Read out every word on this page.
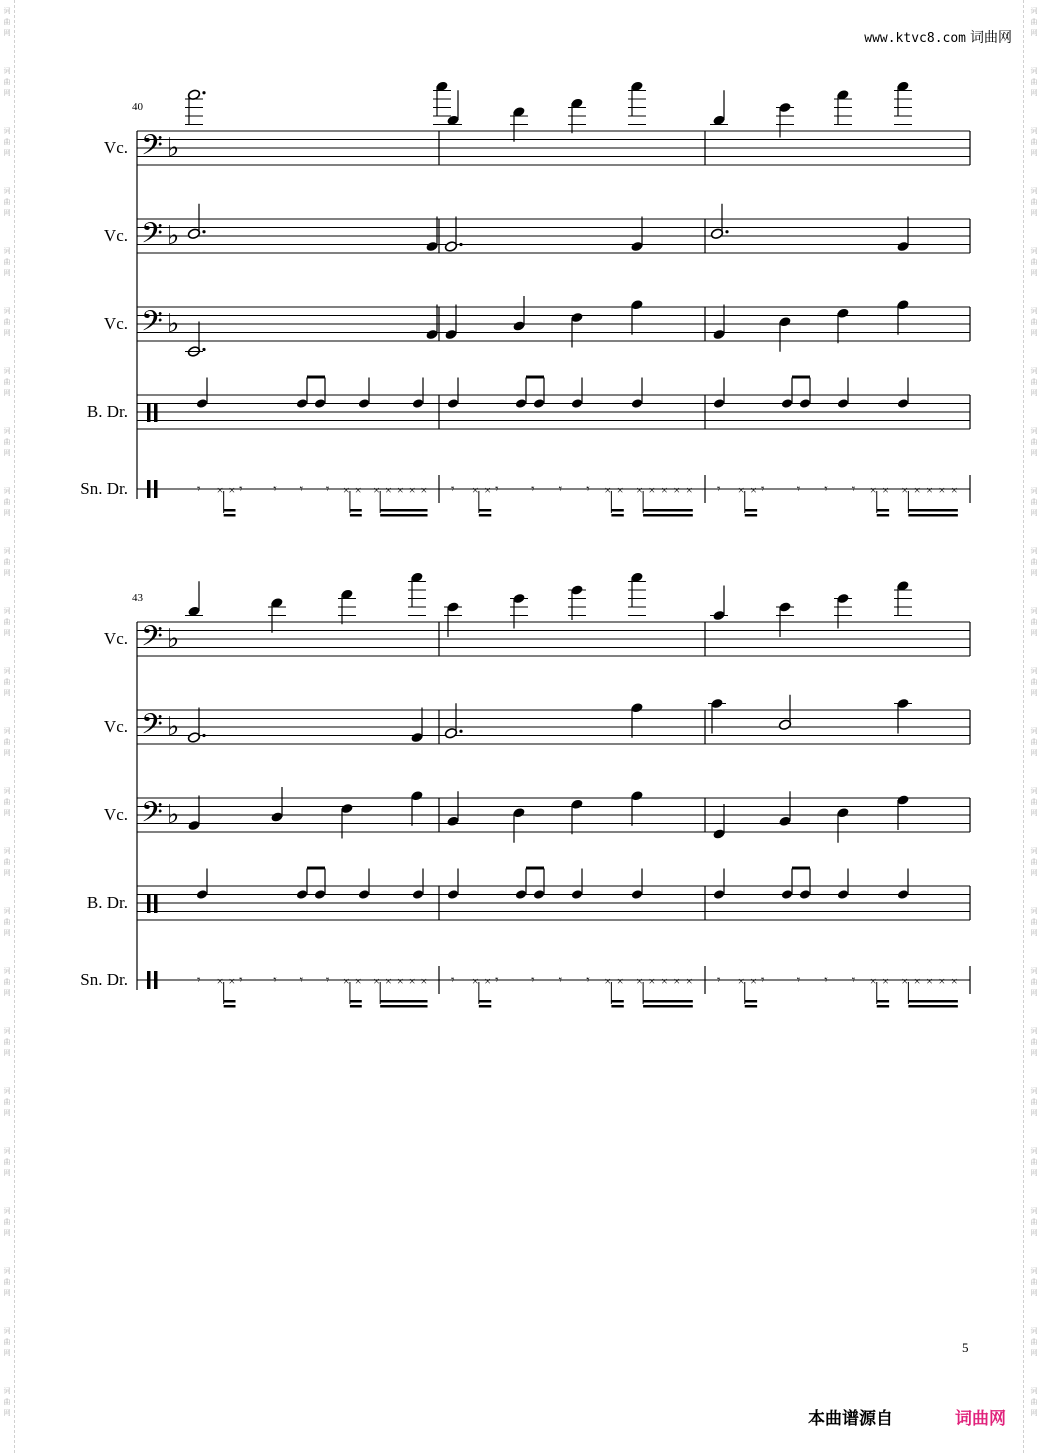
词
曲
网
词
曲
网
词
曲
网
词
曲
网
词
曲
网
词
曲
网
词
曲
网
词
曲
网
词
曲
网
词
曲
网
词
曲
网
词
曲
网
词
曲
网
词
曲
网
词
曲
网
词
曲
网
词
曲
网
词
曲
网
词
曲
网
词
曲
网
词
曲
网
词
曲
网
词
曲
网
词
曲
网
词
曲
网
词
曲
网
词
曲
网
词
曲
网
词
曲
网
词
曲
网
词
曲
网
词
曲
网
词
曲
网
词
曲
网
词
曲
网
词
曲
网
词
曲
网
词
曲
网
词
曲
网
词
曲
网
词
曲
网
词
曲
网
词
曲
网
词
曲
网
词
曲
网
词
曲
网
词
曲
网
词
曲
网
www.ktvc8.com 词曲网
40
Vc. 𝄢 ♭
Vc. 𝄢 ♭
Vc. 𝄢 ♭
B. Dr.
Sn. Dr.	𝄾	𝄾 𝄾 𝄾 𝄾
× ×	× × × × × × × 𝄾	𝄾 𝄾 𝄾 𝄾
× ×	× × × × × × × 𝄾	𝄾 𝄾 𝄾 𝄾
× ×	× × × × × × ×
43
Vc. 𝄢 ♭
Vc. 𝄢 ♭
Vc. 𝄢 ♭
B. Dr.
Sn. Dr.	𝄾	𝄾 𝄾 𝄾 𝄾
× ×	× × × × × × × 𝄾	𝄾 𝄾 𝄾 𝄾
× ×	× × × × × × × 𝄾	𝄾 𝄾 𝄾 𝄾
× ×	× × × × × × ×
5
本曲谱源自	词曲网
